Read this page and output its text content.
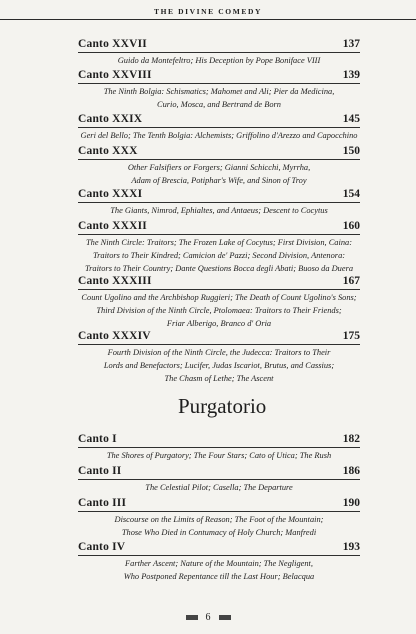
THE DIVINE COMEDY
Canto XXVII	137
Guido da Montefeltro; His Deception by Pope Boniface VIII
Canto XXVIII	139
The Ninth Bolgia: Schismatics; Mahomet and Ali; Pier da Medicina,
Curio, Mosca, and Bertrand de Born
Canto XXIX	145
Geri del Bello; The Tenth Bolgia: Alchemists; Griffolino d'Arezzo and Capocchino
Canto XXX	150
Other Falsifiers or Forgers; Gianni Schicchi, Myrrha,
Adam of Brescia, Potiphar's Wife, and Sinon of Troy
Canto XXXI	154
The Giants, Nimrod, Ephialtes, and Antaeus; Descent to Cocytus
Canto XXXII	160
The Ninth Circle: Traitors; The Frozen Lake of Cocytus; First Division, Caina:
Traitors to Their Kindred; Camicion de' Pazzi; Second Division, Antenora:
Traitors to Their Country; Dante Questions Bocca degli Abati; Buoso da Duera
Canto XXXIII	167
Count Ugolino and the Archbishop Ruggieri; The Death of Count Ugolino's Sons;
Third Division of the Ninth Circle, Ptolomaea: Traitors to Their Friends;
Friar Alberigo, Branco d' Oria
Canto XXXIV	175
Fourth Division of the Ninth Circle, the Judecca: Traitors to Their
Lords and Benefactors; Lucifer, Judas Iscariot, Brutus, and Cassius;
The Chasm of Lethe; The Ascent
Purgatorio
Canto I	182
The Shores of Purgatory; The Four Stars; Cato of Utica; The Rush
Canto II	186
The Celestial Pilot; Casella; The Departure
Canto III	190
Discourse on the Limits of Reason; The Foot of the Mountain;
Those Who Died in Contumacy of Holy Church; Manfredi
Canto IV	193
Farther Ascent; Nature of the Mountain; The Negligent,
Who Postponed Repentance till the Last Hour; Belacqua
6
